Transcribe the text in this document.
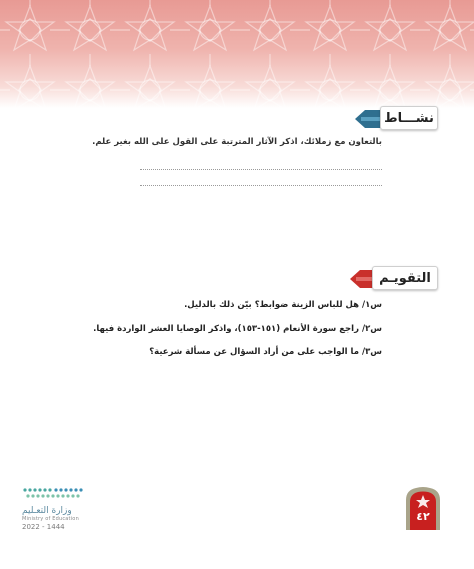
نشـــاط
بالتعاون مع زملائك، اذكر الآثار المترتبة على القول على الله بغير علم.
التقويـم
س١/ هل للباس الزينة ضوابط؟ بيّن ذلك بالدليل.
س٢/ راجع سورة الأنعام (١٥١-١٥٣)، واذكر الوصايا العشر الواردة فيها.
س٣/ ما الواجب على من أراد السؤال عن مسألة شرعية؟
وزارة التعـليم
Ministry of Education
2022 - 1444
٤٢
